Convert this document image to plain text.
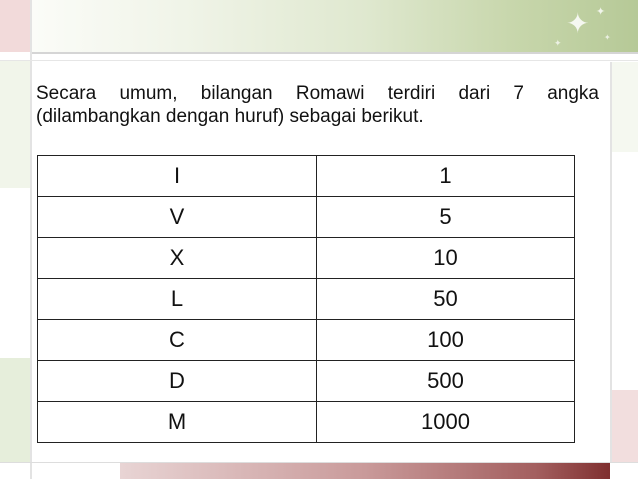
✦ ✦
✦
✦

Secara umum, bilangan Romawi terdiri dari 7 angka (dilambangkan dengan huruf) sebagai berikut.

I	1
V	5
X	10
L	50
C	100
D	500
M	1000
